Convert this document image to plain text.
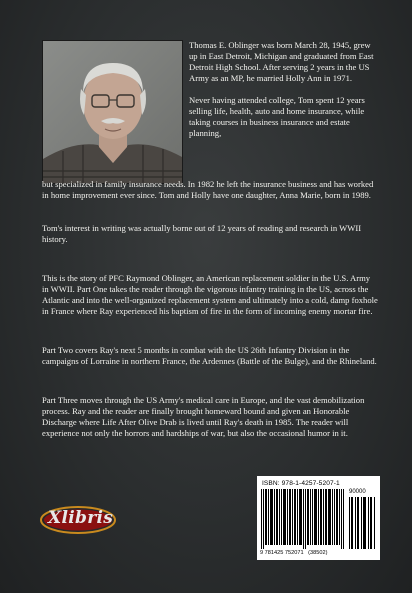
Thomas E. Oblinger was born March 28, 1945, grew up in East Detroit, Michigan and graduated from East Detroit High School. After serving 2 years in the US Army as an MP, he married Holly Ann in 1971.

Never having attended college, Tom spent 12 years selling life, health, auto and home insurance, while taking courses in business insurance and estate planning,

but specialized in family insurance needs. In 1982 he left the insurance business and has worked in home improvement ever since. Tom and Holly have one daughter, Anna Marie, born in 1989.

Tom's interest in writing was actually borne out of 12 years of reading and research in WWII history.

This is the story of PFC Raymond Oblinger, an American replacement soldier in the U.S. Army in WWII. Part One takes the reader through the vigorous infantry training in the US, across the Atlantic and into the well-organized replacement system and ultimately into a cold, damp foxhole in France where Ray experienced his baptism of fire in the form of incoming enemy mortar fire.

Part Two covers Ray's next 5 months in combat with the US 26th Infantry Division in the campaigns of Lorraine in northern France, the Ardennes (Battle of the Bulge), and the Rhineland.

Part Three moves through the US Army's medical care in Europe, and the vast demobilization process. Ray and the reader are finally brought homeward bound and given an Honorable Discharge where Life After Olive Drab is lived until Ray's death in 1985. The reader will experience not only the horrors and hardships of war, but also the occasional humor in it.

ISBN: 978-1-4257-5207-1
90000
9 781425 752071 (38502)
Xlibris
